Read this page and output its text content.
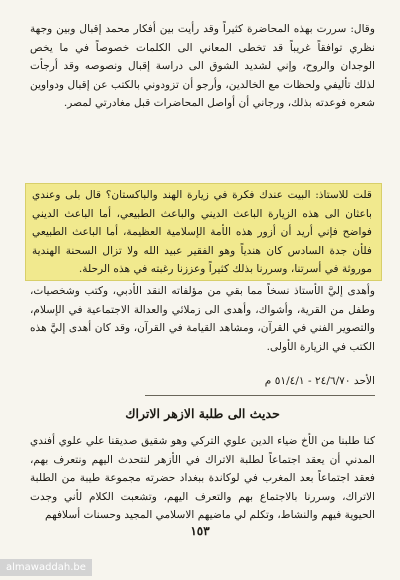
وقال: سررت بهذه المحاضرة كثيراً وقد رأيت بين أفكار محمد إقبال وبين وجهة نظري توافقاً غريباً قد تخطى المعاني الى الكلمات خصوصاً في ما يخص الوجدان والروح، وإني لشديد الشوق الى دراسة إقبال ونصوصه وقد أرجأت لذلك تأليفي ولحظات مع الخالدين، وأرجو أن تزودوني بالكتب عن إقبال ودواوين شعره فوعدته بذلك، ورجاني أن أواصل المحاضرات قبل مغادرتي لمصر.
قلت للاستاذ: البيت عندك فكرة في زيارة الهند والباكستان؟ قال بلى وعندي باعثان الى هذه الزيارة الباعث الديني والباعث الطبيعي، أما الباعث الديني فواضح فإني أريد أن أزور هذه الأمة الإسلامية العظيمة، أما الباعث الطبيعي فلأن جدة السادس كان هندياً وهو الفقير عبيد الله ولا تزال السحنة الهندية موروثة في أسرتنا، وسررنا بذلك كثيراً وعززنا رغبته في هذه الرحلة.
وأهدى إليَّ الأستاذ نسخاً مما بقي من مؤلفاته النقد الأدبي، وكتب وشخصيات، وطفل من القرية، وأشواك، وأهدى الى زملائي والعدالة الاجتماعية في الإسلام، والتصوير الفني في القرآن، ومشاهد القيامة في القرآن، وقد كان أهدى إليَّ هذه الكتب في الزيارة الأولى.
الأحد ٢٤/٦/٧٠ - ٥١/٤/١ م
حديث الى طلبة الازهر الاتراك
كنا طلبنا من الأخ ضياء الدين علوي التركي وهو شقيق صديقنا علي علوي أفندي المدني أن يعقد اجتماعاً لطلبة الاتراك في الأزهر لنتحدث اليهم ونتعرف بهم، فعقد اجتماعاً بعد المغرب في لوكاندة ببغداد حضرته مجموعة طيبة من الطلبة الاتراك، وسررنا بالاجتماع بهم والتعرف اليهم، وتشعبت الكلام لأني وجدت الحيوية فيهم والنشاط، وتكلم لي ماضيهم الاسلامي المجيد وحسنات أسلافهم
١٥٣
almawaddah.be
